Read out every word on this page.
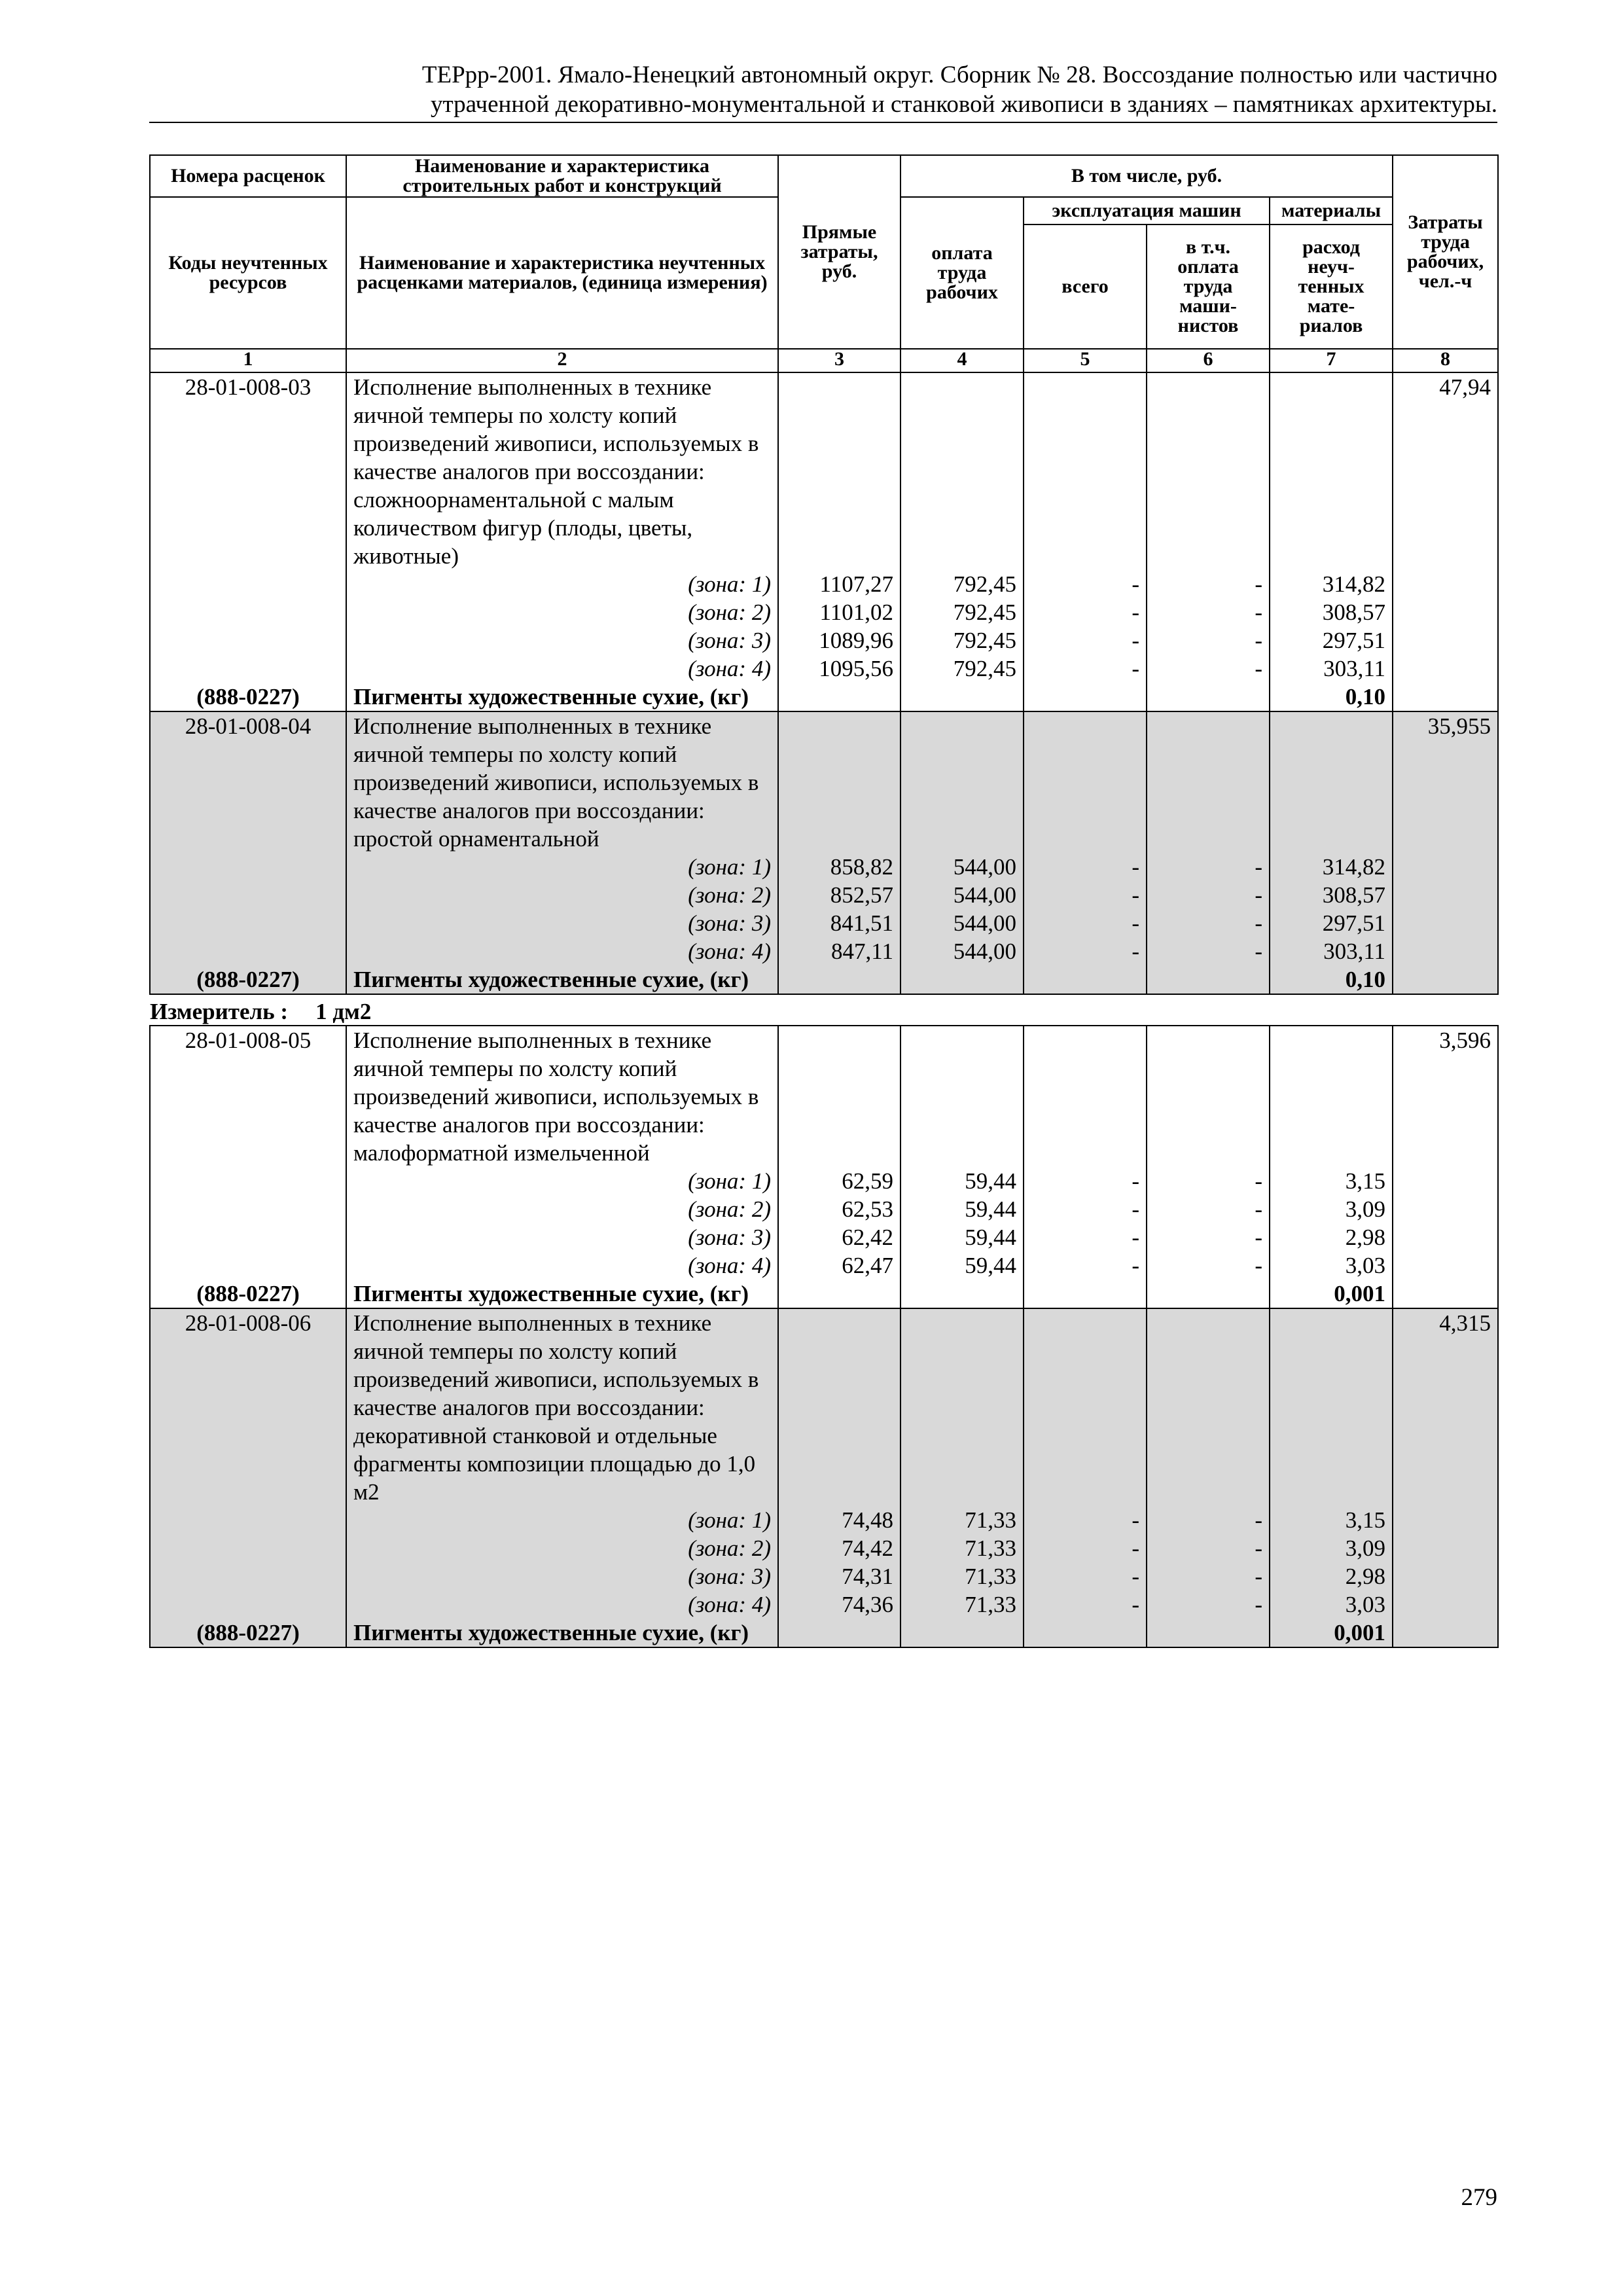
ТЕРрр-2001. Ямало-Ненецкий автономный округ. Сборник № 28. Воссоздание полностью или частично
утраченной декоративно-монументальной и станковой живописи в зданиях – памятниках архитектуры.
Номера расценок	Наименование и характеристика строительных работ и конструкций	Прямые затраты, руб.	В том числе, руб.				Затраты труда рабочих, чел.-ч
Коды неучтенных ресурсов	Наименование и характеристика неучтенных расценками материалов, (единица измерения)		оплата труда рабочих	эксплуатация машин		материалы	
				всего	в т.ч. оплата труда маши-нистов	расход неуч-тенных мате-риалов	
1	2	3	4	5	6	7	8
28-01-008-03	Исполнение выполненных в технике яичной темперы по холсту копий произведений живописи, используемых в качестве аналогов при воссоздании: сложноорнаментальной с малым количеством фигур (плоды, цветы, животные)						47,94
	(зона: 1)	1107,27	792,45	-	-	314,82	
	(зона: 2)	1101,02	792,45	-	-	308,57	
	(зона: 3)	1089,96	792,45	-	-	297,51	
	(зона: 4)	1095,56	792,45	-	-	303,11	
(888-0227)	Пигменты художественные сухие, (кг)					0,10	
28-01-008-04	Исполнение выполненных в технике яичной темперы по холсту копий произведений живописи, используемых в качестве аналогов при воссоздании: простой орнаментальной						35,955
	(зона: 1)	858,82	544,00	-	-	314,82	
	(зона: 2)	852,57	544,00	-	-	308,57	
	(зона: 3)	841,51	544,00	-	-	297,51	
	(зона: 4)	847,11	544,00	-	-	303,11	
(888-0227)	Пигменты художественные сухие, (кг)					0,10	
Измеритель : 1 дм2							
28-01-008-05	Исполнение выполненных в технике яичной темперы по холсту копий произведений живописи, используемых в качестве аналогов при воссоздании: малоформатной измельченной						3,596
	(зона: 1)	62,59	59,44	-	-	3,15	
	(зона: 2)	62,53	59,44	-	-	3,09	
	(зона: 3)	62,42	59,44	-	-	2,98	
	(зона: 4)	62,47	59,44	-	-	3,03	
(888-0227)	Пигменты художественные сухие, (кг)					0,001	
28-01-008-06	Исполнение выполненных в технике яичной темперы по холсту копий произведений живописи, используемых в качестве аналогов при воссоздании: декоративной станковой и отдельные фрагменты композиции площадью до 1,0 м2						4,315
	(зона: 1)	74,48	71,33	-	-	3,15	
	(зона: 2)	74,42	71,33	-	-	3,09	
	(зона: 3)	74,31	71,33	-	-	2,98	
	(зона: 4)	74,36	71,33	-	-	3,03	
(888-0227)	Пигменты художественные сухие, (кг)					0,001	
279
